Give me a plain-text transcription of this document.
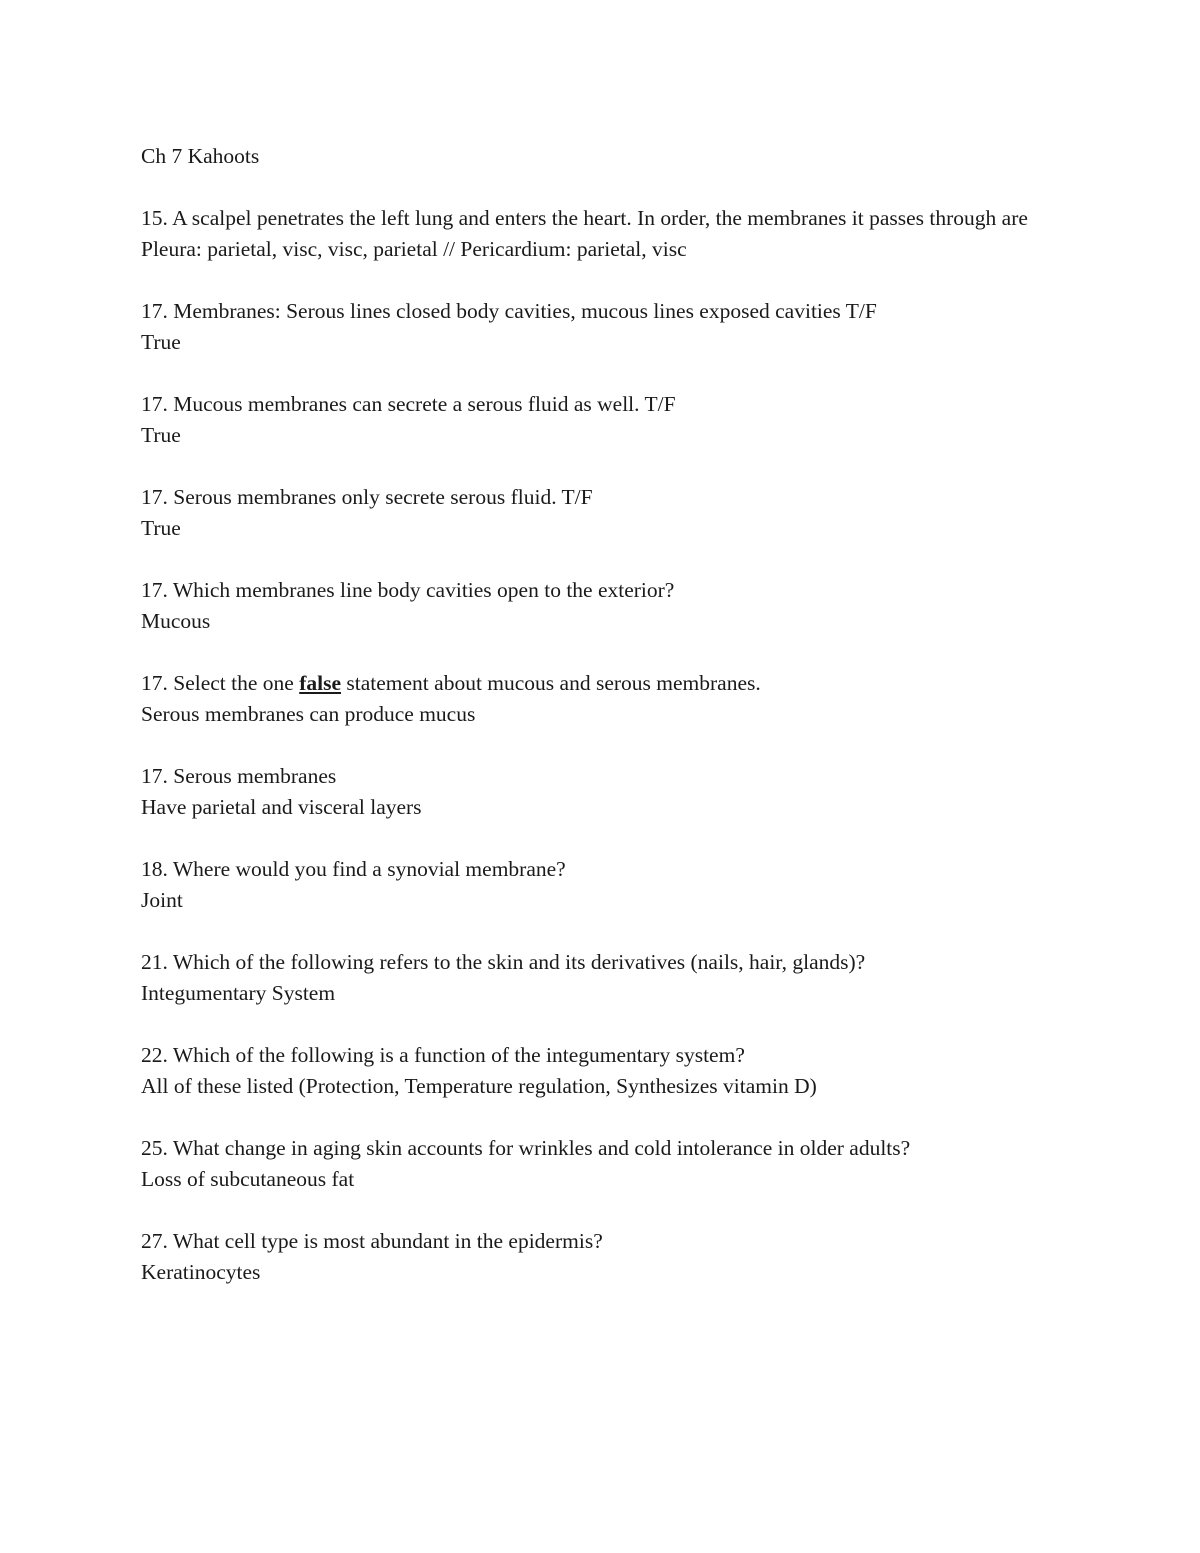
Ch 7 Kahoots

15. A scalpel penetrates the left lung and enters the heart. In order, the membranes it passes through are

Pleura: parietal, visc, visc, parietal // Pericardium: parietal, visc

17. Membranes: Serous lines closed body cavities, mucous lines exposed cavities T/F

True

17. Mucous membranes can secrete a serous fluid as well. T/F

True

17. Serous membranes only secrete serous fluid. T/F

True

17. Which membranes line body cavities open to the exterior?

Mucous

17. Select the one false statement about mucous and serous membranes.

Serous membranes can produce mucus

17. Serous membranes

Have parietal and visceral layers

18. Where would you find a synovial membrane?

Joint

21. Which of the following refers to the skin and its derivatives (nails, hair, glands)?

Integumentary System

22. Which of the following is a function of the integumentary system?

All of these listed (Protection, Temperature regulation, Synthesizes vitamin D)

25. What change in aging skin accounts for wrinkles and cold intolerance in older adults?

Loss of subcutaneous fat

27. What cell type is most abundant in the epidermis?

Keratinocytes
